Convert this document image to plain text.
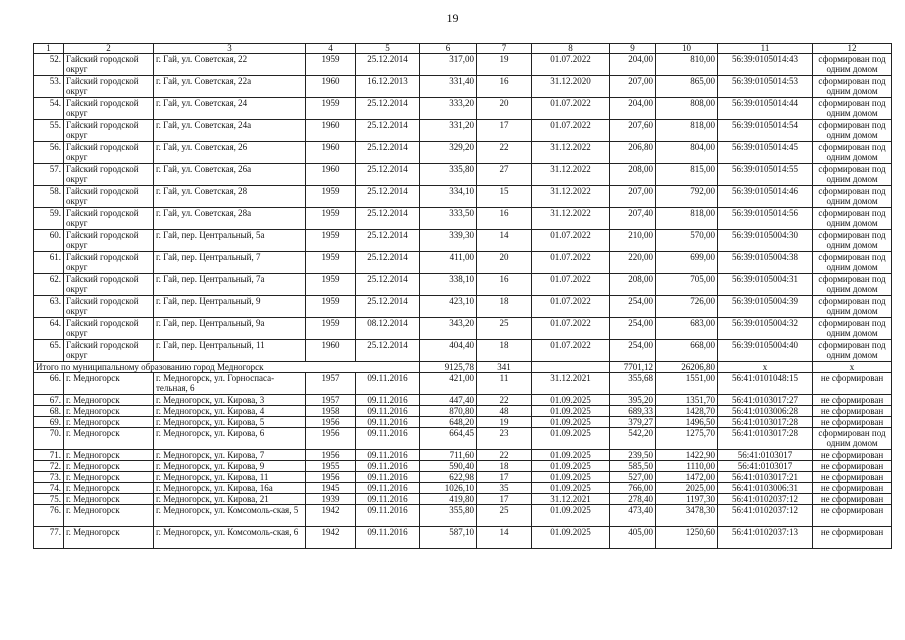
19
1	2	3	4	5	6	7	8	9	10	11	12
52.	Гайский городской округ	г. Гай, ул. Советская, 22	1959	25.12.2014	317,00	19	01.07.2022	204,00	810,00	56:39:0105014:43	сформирован под одним домом
53.	Гайский городской округ	г. Гай, ул. Советская, 22а	1960	16.12.2013	331,40	16	31.12.2020	207,00	865,00	56:39:0105014:53	сформирован под одним домом
54.	Гайский городской округ	г. Гай, ул. Советская, 24	1959	25.12.2014	333,20	20	01.07.2022	204,00	808,00	56:39:0105014:44	сформирован под одним домом
55.	Гайский городской округ	г. Гай, ул. Советская, 24а	1960	25.12.2014	331,20	17	01.07.2022	207,60	818,00	56:39:0105014:54	сформирован под одним домом
56.	Гайский городской округ	г. Гай, ул. Советская, 26	1960	25.12.2014	329,20	22	31.12.2022	206,80	804,00	56:39:0105014:45	сформирован под одним домом
57.	Гайский городской округ	г. Гай, ул. Советская, 26а	1960	25.12.2014	335,80	27	31.12.2022	208,00	815,00	56:39:0105014:55	сформирован под одним домом
58.	Гайский городской округ	г. Гай, ул. Советская, 28	1959	25.12.2014	334,10	15	31.12.2022	207,00	792,00	56:39:0105014:46	сформирован под одним домом
59.	Гайский городской округ	г. Гай, ул. Советская, 28а	1959	25.12.2014	333,50	16	31.12.2022	207,40	818,00	56:39:0105014:56	сформирован под одним домом
60.	Гайский городской округ	г. Гай, пер. Центральный, 5а	1959	25.12.2014	339,30	14	01.07.2022	210,00	570,00	56:39:0105004:30	сформирован под одним домом
61.	Гайский городской округ	г. Гай, пер. Центральный, 7	1959	25.12.2014	411,00	20	01.07.2022	220,00	699,00	56:39:0105004:38	сформирован под одним домом
62.	Гайский городской округ	г. Гай, пер. Центральный, 7а	1959	25.12.2014	338,10	16	01.07.2022	208,00	705,00	56:39:0105004:31	сформирован под одним домом
63.	Гайский городской округ	г. Гай, пер. Центральный, 9	1959	25.12.2014	423,10	18	01.07.2022	254,00	726,00	56:39:0105004:39	сформирован под одним домом
64.	Гайский городской округ	г. Гай, пер. Центральный, 9а	1959	08.12.2014	343,20	25	01.07.2022	254,00	683,00	56:39:0105004:32	сформирован под одним домом
65.	Гайский городской округ	г. Гай, пер. Центральный, 11	1960	25.12.2014	404,40	18	01.07.2022	254,00	668,00	56:39:0105004:40	сформирован под одним домом
Итого по муниципальному образованию город Медногорск					9125,78	341		7701,12	26206,80	х	х
66.	г. Медногорск	г. Медногорск, ул. Горноспаса-тельная, 6	1957	09.11.2016	421,00	11	31.12.2021	355,68	1551,00	56:41:0101048:15	не сформирован
67.	г. Медногорск	г. Медногорск, ул. Кирова, 3	1957	09.11.2016	447,40	22	01.09.2025	395,20	1351,70	56:41:0103017:27	не сформирован
68.	г. Медногорск	г. Медногорск, ул. Кирова, 4	1958	09.11.2016	870,80	48	01.09.2025	689,33	1428,70	56:41:0103006:28	не сформирован
69.	г. Медногорск	г. Медногорск, ул. Кирова, 5	1956	09.11.2016	648,20	19	01.09.2025	379,27	1496,50	56:41:0103017:28	не сформирован
70.	г. Медногорск	г. Медногорск, ул. Кирова, 6	1956	09.11.2016	664,45	23	01.09.2025	542,20	1275,70	56:41:0103017:28	сформирован под одним домом
71.	г. Медногорск	г. Медногорск, ул. Кирова, 7	1956	09.11.2016	711,60	22	01.09.2025	239,50	1422,90	56:41:0103017	не сформирован
72.	г. Медногорск	г. Медногорск, ул. Кирова, 9	1955	09.11.2016	590,40	18	01.09.2025	585,50	1110,00	56:41:0103017	не сформирован
73.	г. Медногорск	г. Медногорск, ул. Кирова, 11	1956	09.11.2016	622,98	17	01.09.2025	527,00	1472,00	56:41:0103017:21	не сформирован
74.	г. Медногорск	г. Медногорск, ул. Кирова, 16а	1945	09.11.2016	1026,10	35	01.09.2025	766,00	2025,00	56:41:0103006:31	не сформирован
75.	г. Медногорск	г. Медногорск, ул. Кирова, 21	1939	09.11.2016	419,80	17	31.12.2021	278,40	1197,30	56:41:0102037:12	не сформирован
76.	г. Медногорск	г. Медногорск, ул. Комсомоль-ская, 5	1942	09.11.2016	355,80	25	01.09.2025	473,40	3478,30	56:41:0102037:12	не сформирован
77.	г. Медногорск	г. Медногорск, ул. Комсомоль-ская, 6	1942	09.11.2016	587,10	14	01.09.2025	405,00	1250,60	56:41:0102037:13	не сформирован
